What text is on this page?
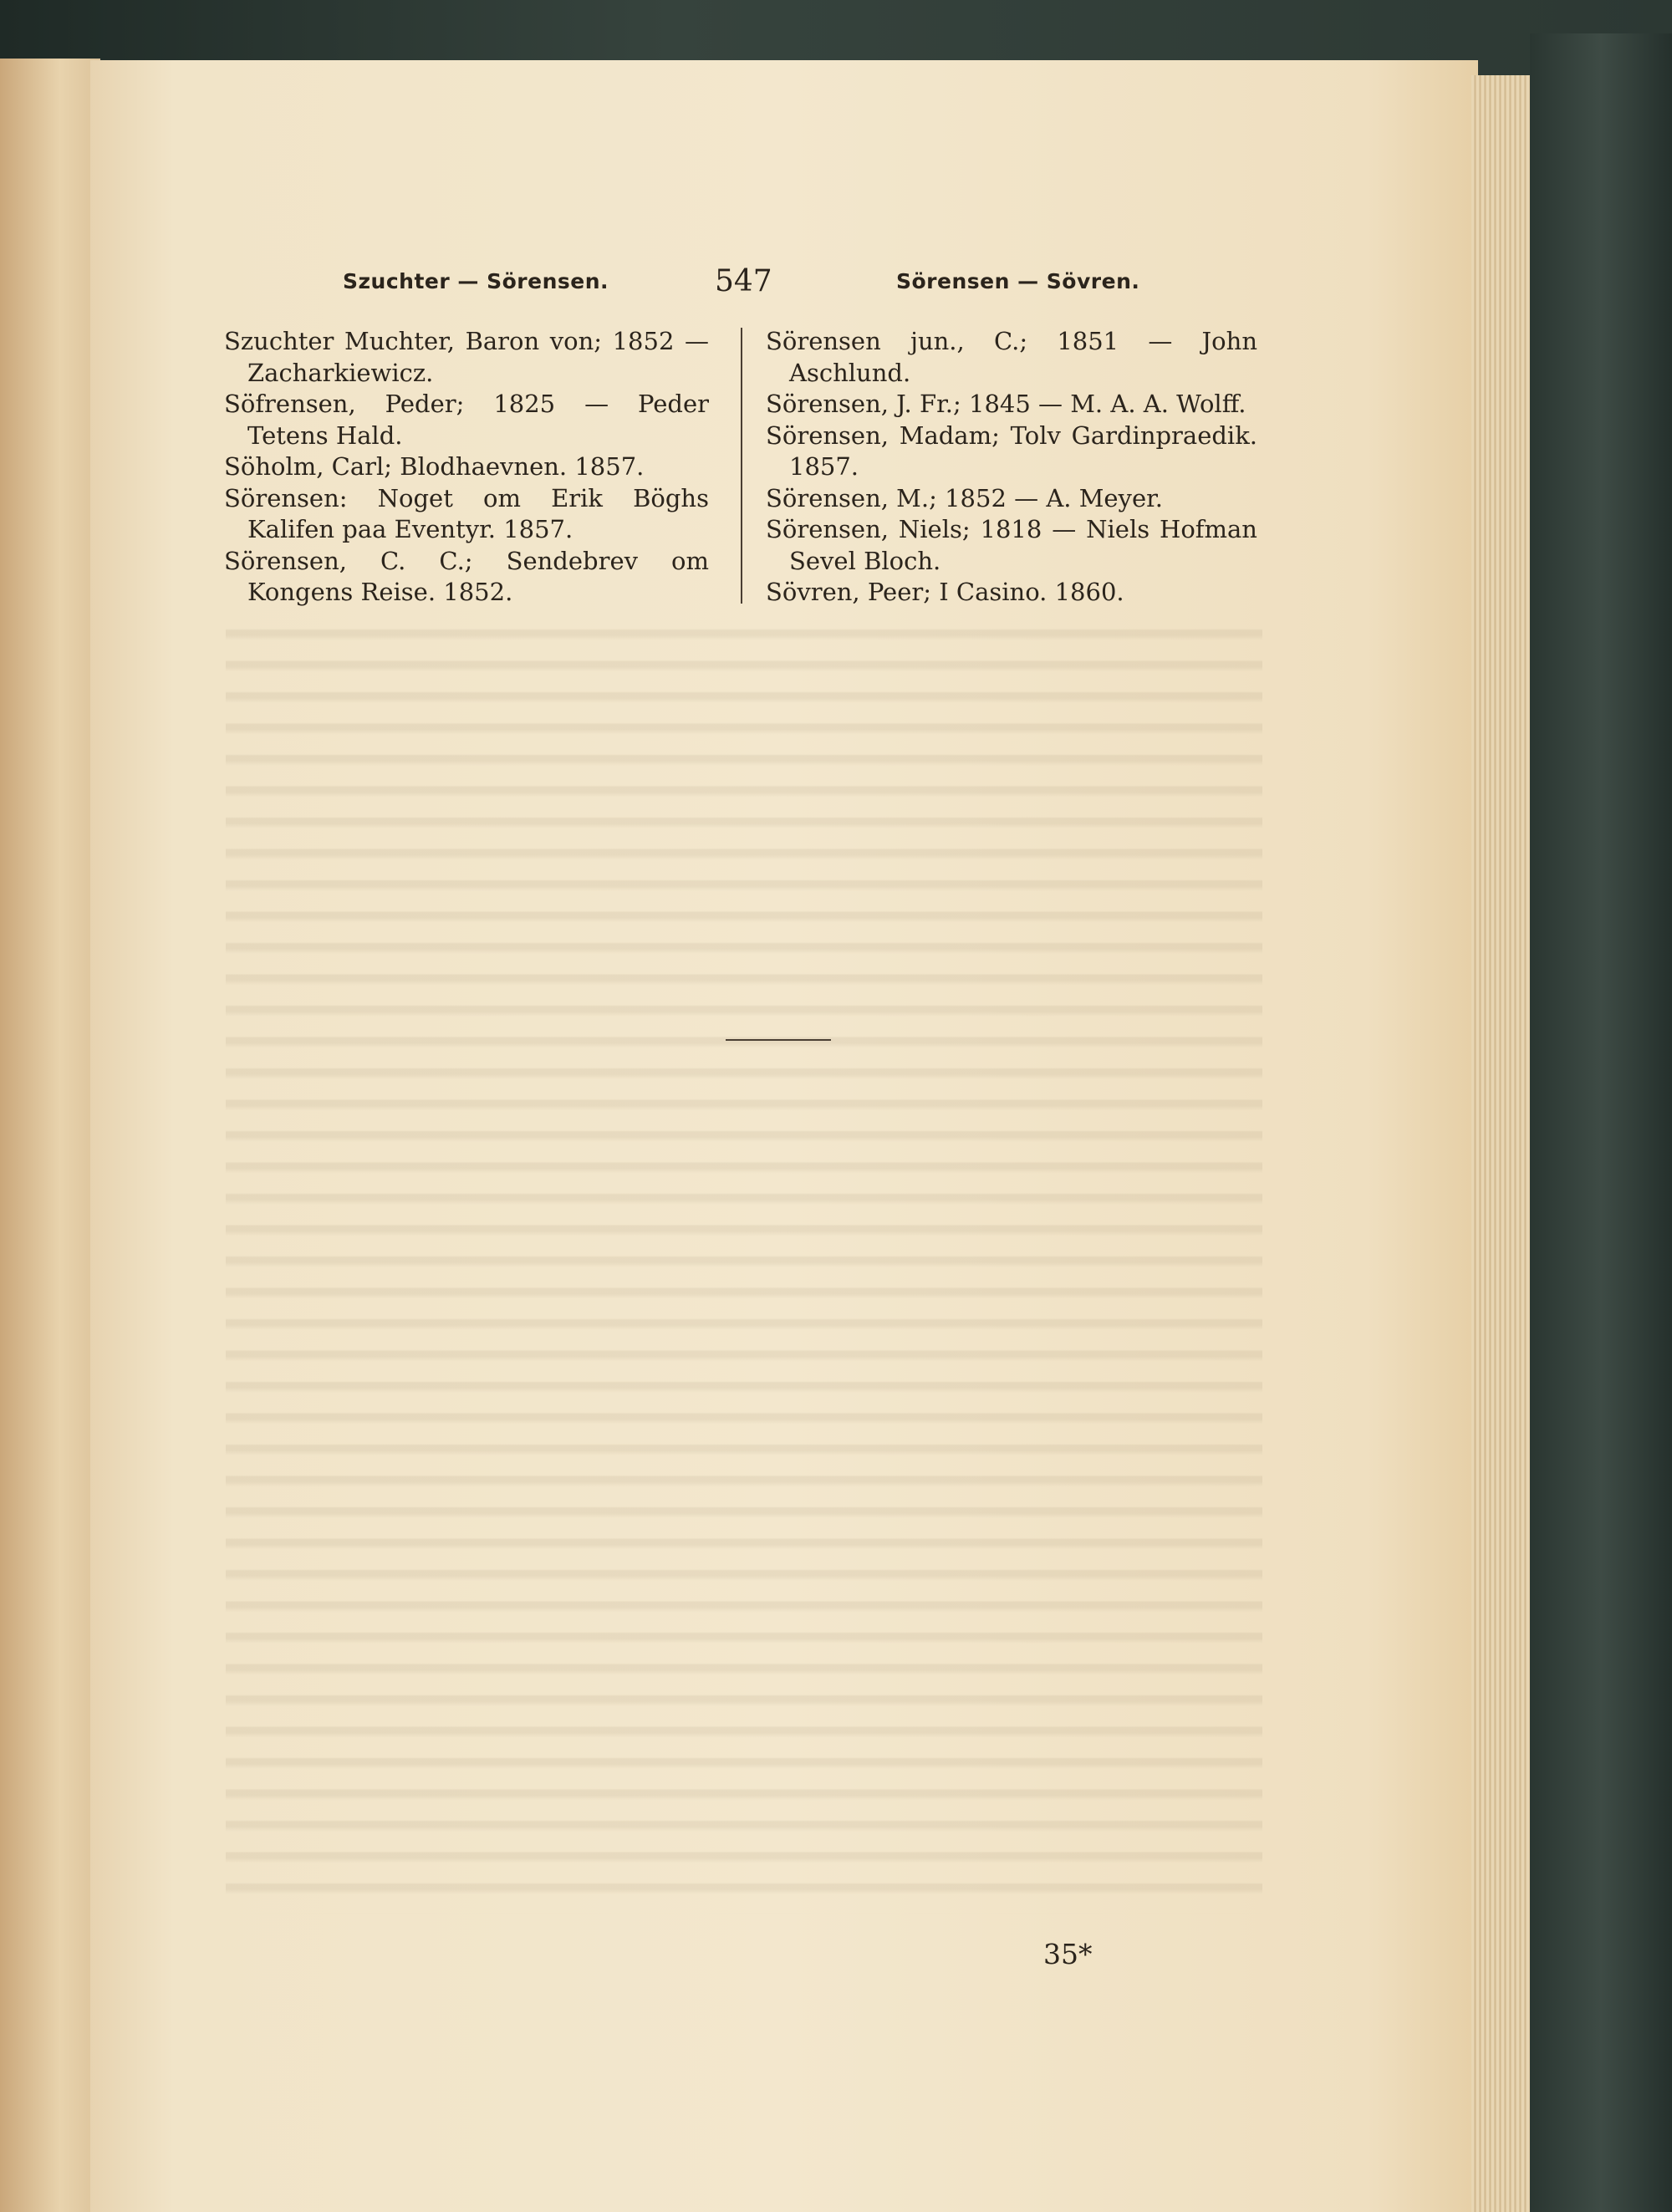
Szuchter — Sörensen.	547	Sörensen — Sövren.

Szuchter Muchter, Baron von; 1852 — Zacharkiewicz.

Söfrensen, Peder; 1825 — Peder Tetens Hald.

Söholm, Carl; Blodhaevnen. 1857.

Sörensen: Noget om Erik Böghs Kalifen paa Eventyr. 1857.

Sörensen, C. C.; Sendebrev om Kongens Reise. 1852.

Sörensen jun., C.; 1851 — John Aschlund.

Sörensen, J. Fr.; 1845 — M. A. A. Wolff.

Sörensen, Madam; Tolv Gardinpraedik. 1857.

Sörensen, M.; 1852 — A. Meyer.

Sörensen, Niels; 1818 — Niels Hofman Sevel Bloch.

Sövren, Peer; I Casino. 1860.

35*
